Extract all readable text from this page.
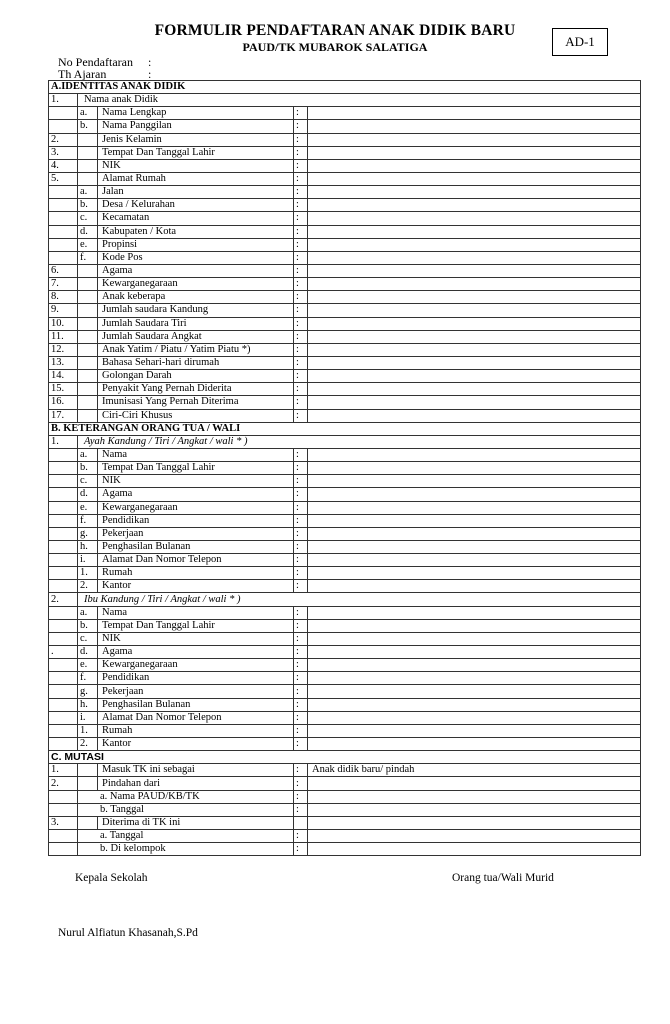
FORMULIR PENDAFTARAN ANAK DIDIK BARU
PAUD/TK MUBAROK SALATIGA	AD-1
No Pendaftaran :
Th Ajaran	:
A.IDENTITAS ANAK DIDIK				
1.	Nama anak Didik			
	a.	Nama Lengkap	:	
	b.	Nama Panggilan	:	
2.		Jenis Kelamin	:	
3.		Tempat Dan Tanggal Lahir	:	
4.		NIK	:	
5.		Alamat Rumah	:	
	a.	Jalan	:	
	b.	Desa / Kelurahan	:	
	c.	Kecamatan	:	
	d.	Kabupaten / Kota	:	
	e.	Propinsi	:	
	f.	Kode Pos	:	
6.		Agama	:	
7.		Kewarganegaraan	:	
8.		Anak keberapa	:	
9.		Jumlah saudara Kandung	:	
10.		Jumlah Saudara Tiri	:	
11.		Jumlah Saudara Angkat	:	
12.		Anak Yatim / Piatu / Yatim Piatu *)	:	
13.		Bahasa Sehari-hari dirumah	:	
14.		Golongan Darah	:	
15.		Penyakit Yang Pernah Diderita	:	
16.		Imunisasi Yang Pernah Diterima	:	
17.		Ciri-Ciri Khusus	:	
B. KETERANGAN ORANG TUA / WALI				
1.	Ayah Kandung / Tiri / Angkat / wali * )			
	a.	Nama	:	
	b.	Tempat Dan Tanggal Lahir	:	
	c.	NIK	:	
	d.	Agama	:	
	e.	Kewarganegaraan	:	
	f.	Pendidikan	:	
	g.	Pekerjaan	:	
	h.	Penghasilan Bulanan	:	
	i.	Alamat Dan Nomor Telepon	:	
	1.	Rumah	:	
	2.	Kantor	:	
2.	Ibu Kandung / Tiri / Angkat / wali * )			
	a.	Nama	:	
	b.	Tempat Dan Tanggal Lahir	:	
	c.	NIK	:	
.	d.	Agama	:	
	e.	Kewarganegaraan	:	
	f.	Pendidikan	:	
	g.	Pekerjaan	:	
	h.	Penghasilan Bulanan	:	
	i.	Alamat Dan Nomor Telepon	:	
	1.	Rumah	:	
	2.	Kantor	:	
C. MUTASI				
1.		Masuk TK ini sebagai	:	Anak didik baru/ pindah
2.		Pindahan dari	:	
	a. Nama PAUD/KB/TK		:	
	b. Tanggal		:	
3.		Diterima di TK ini		
	a. Tanggal		:	
	b. Di kelompok		:	
Kepala Sekolah	Orang tua/Wali Murid
Nurul Alfiatun Khasanah,S.Pd
